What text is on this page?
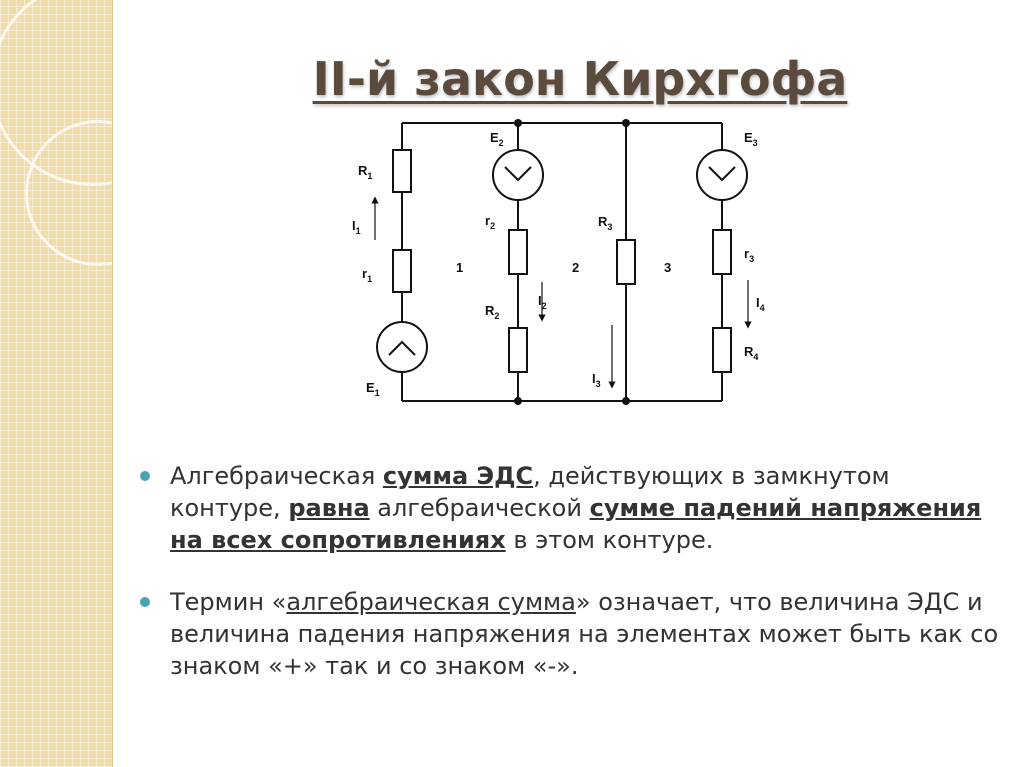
II-й закон Кирхгофа
$R_1$
$I_1$
$r_1$
$E_1$
$E_2$
$r_2$
$R_2$
$I_2$
$R_3$
$I_3$
$E_3$
$r_3$
$I_4$
$R_4$
1	2	3
Алгебраическая сумма ЭДС, действующих в замкнутом контуре, равна алгебраической сумме падений напряжения на всех сопротивлениях в этом контуре.
Термин «алгебраическая сумма» означает, что величина ЭДС и величина падения напряжения на элементах может быть как со знаком «+» так и со знаком «-».
